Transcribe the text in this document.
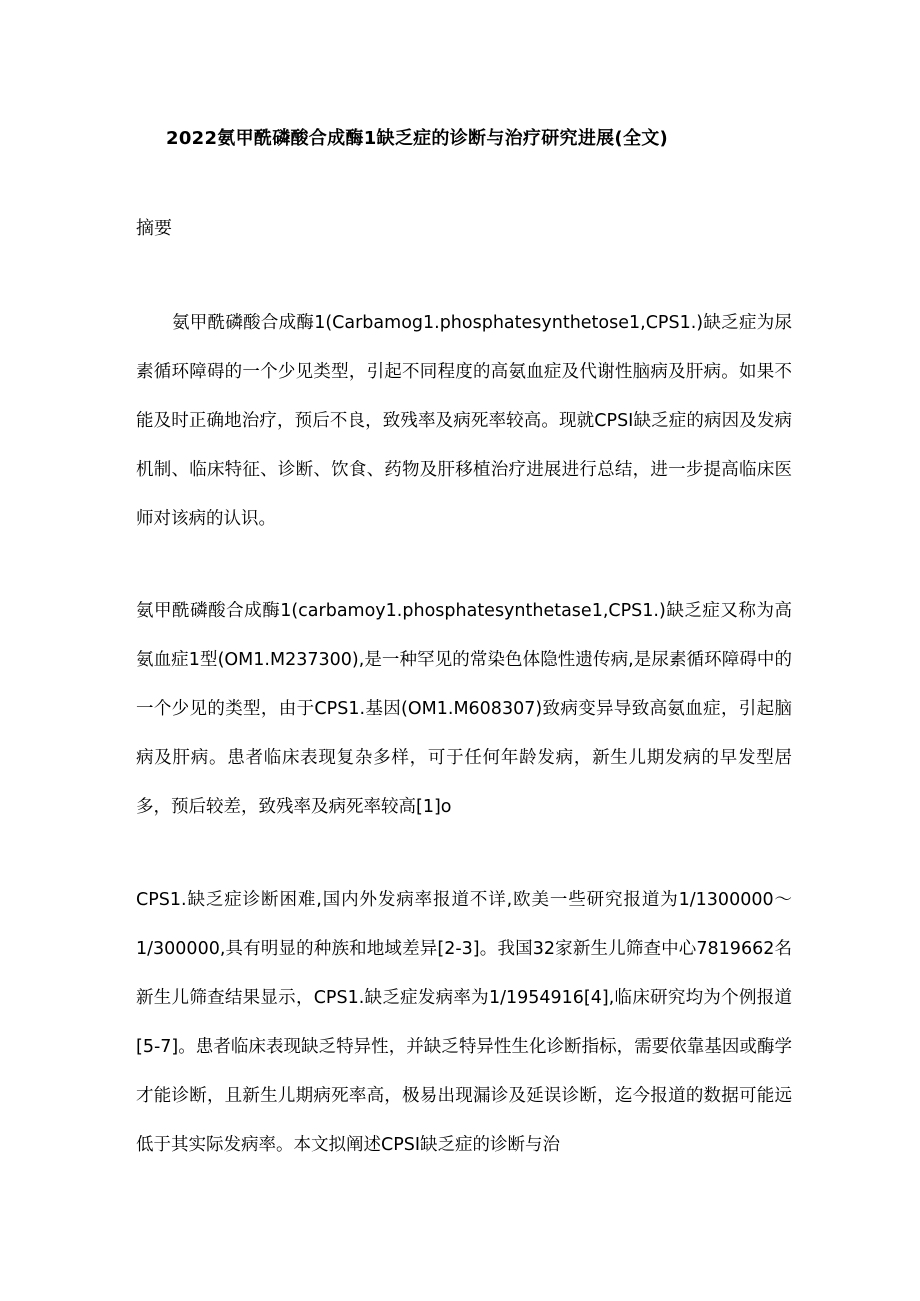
2022氨甲酰磷酸合成酶1缺乏症的诊断与治疗研究进展(全文)
摘要

氨甲酰磷酸合成酶1(Carbamog1.phosphatesynthetose1,CPS1.)缺乏症为尿素循环障碍的一个少见类型，引起不同程度的高氨血症及代谢性脑病及肝病。如果不能及时正确地治疗，预后不良，致残率及病死率较高。现就CPSI缺乏症的病因及发病机制、临床特征、诊断、饮食、药物及肝移植治疗进展进行总结，进一步提高临床医师对该病的认识。

氨甲酰磷酸合成酶1(carbamoy1.phosphatesynthetase1,CPS1.)缺乏症又称为高氨血症1型(OM1.M237300),是一种罕见的常染色体隐性遗传病,是尿素循环障碍中的一个少见的类型，由于CPS1.基因(OM1.M608307)致病变异导致高氨血症，引起脑病及肝病。患者临床表现复杂多样，可于任何年龄发病，新生儿期发病的早发型居多，预后较差，致残率及病死率较高[1]o

CPS1.缺乏症诊断困难,国内外发病率报道不详,欧美一些研究报道为1/1300000～1/300000,具有明显的种族和地域差异[2-3]。我国32家新生儿筛查中心7819662名新生儿筛查结果显示，CPS1.缺乏症发病率为1/1954916[4],临床研究均为个例报道[5-7]。患者临床表现缺乏特异性，并缺乏特异性生化诊断指标，需要依靠基因或酶学才能诊断，且新生儿期病死率高，极易出现漏诊及延误诊断，迄今报道的数据可能远低于其实际发病率。本文拟阐述CPSI缺乏症的诊断与治
